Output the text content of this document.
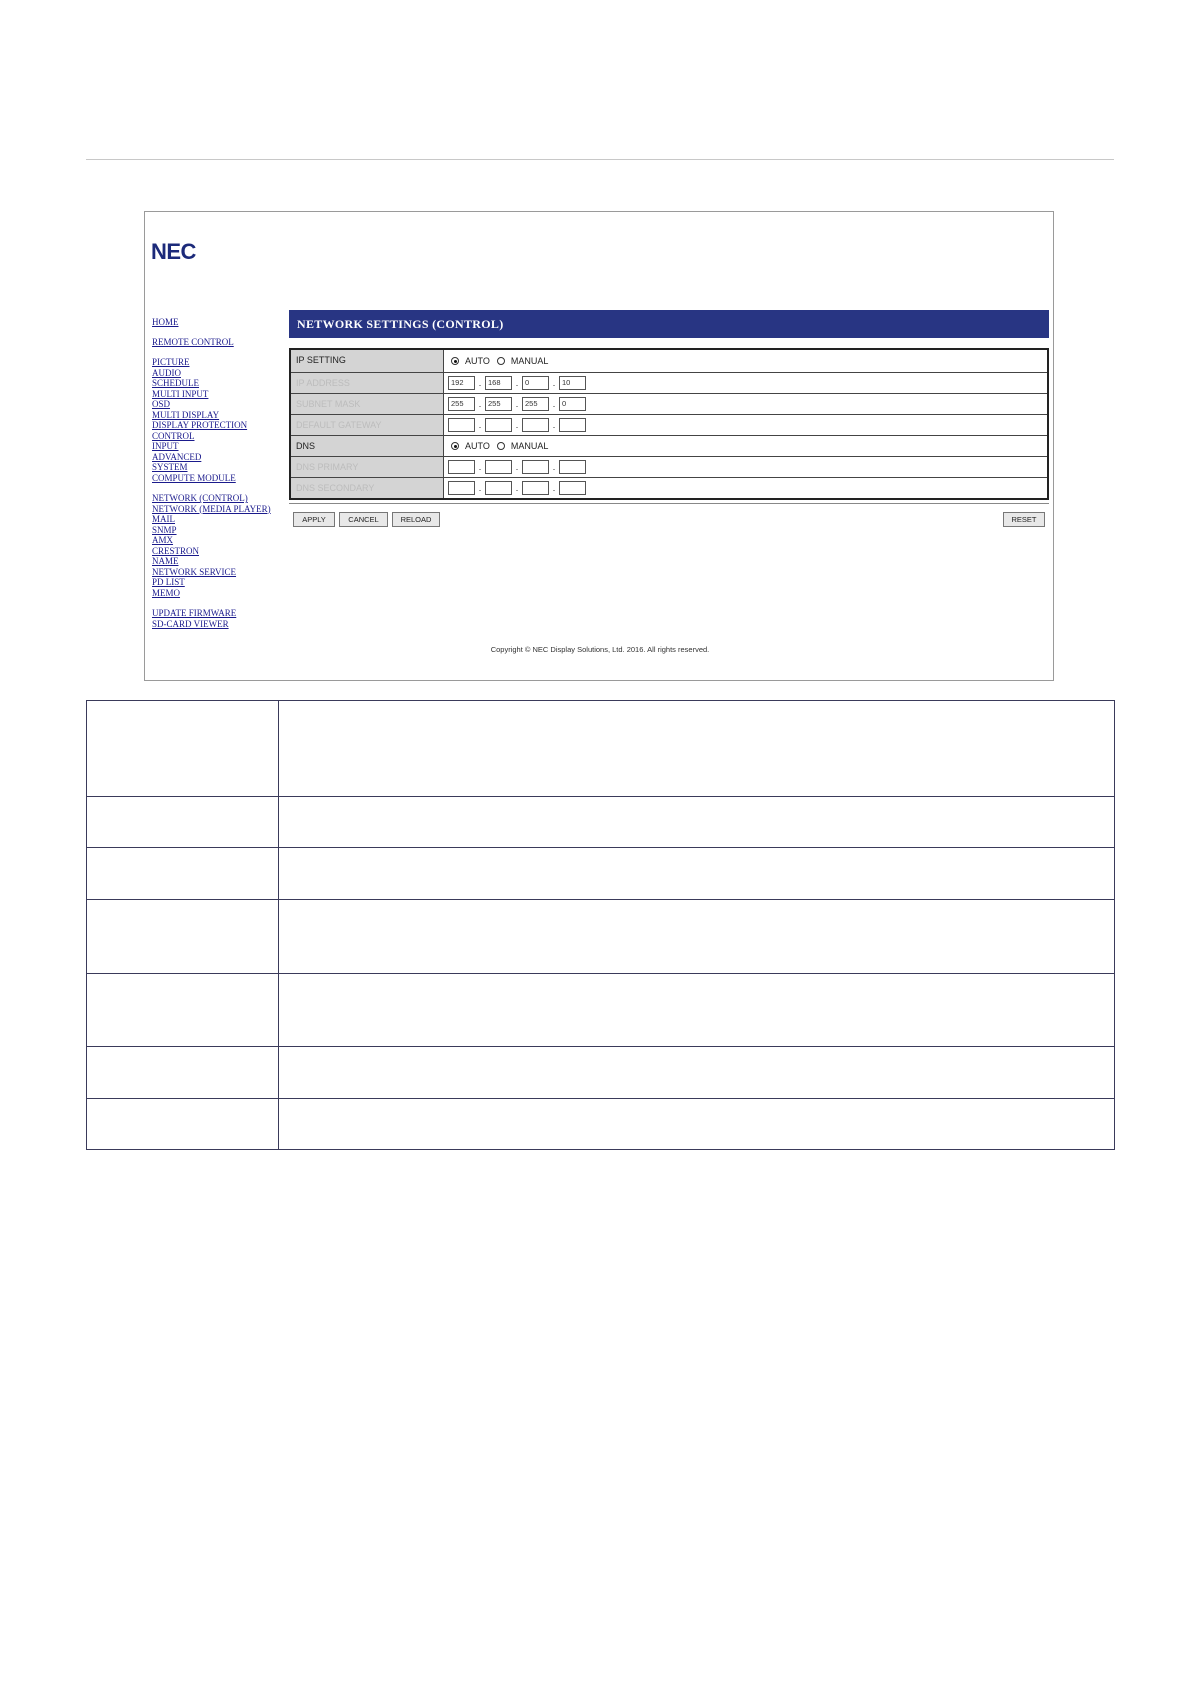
NEC
HOME
REMOTE CONTROL
PICTURE
AUDIO
SCHEDULE
MULTI INPUT
OSD
MULTI DISPLAY
DISPLAY PROTECTION
CONTROL
INPUT
ADVANCED
SYSTEM
COMPUTE MODULE
NETWORK (CONTROL)
NETWORK (MEDIA PLAYER)
MAIL
SNMP
AMX
CRESTRON
NAME
NETWORK SERVICE
PD LIST
MEMO
UPDATE FIRMWARE
SD-CARD VIEWER
NETWORK SETTINGS (CONTROL)
IP SETTING	AUTO MANUAL
IP ADDRESS	192	. 168	. 0	. 10
SUBNET MASK	255	. 255	. 255	. 0
DEFAULT GATEWAY	.	.	.
DNS	AUTO MANUAL
DNS PRIMARY	.	.	.
DNS SECONDARY	.	.	.
APPLY	CANCEL	RELOAD	RESET
Copyright © NEC Display Solutions, Ltd. 2016. All rights reserved.
